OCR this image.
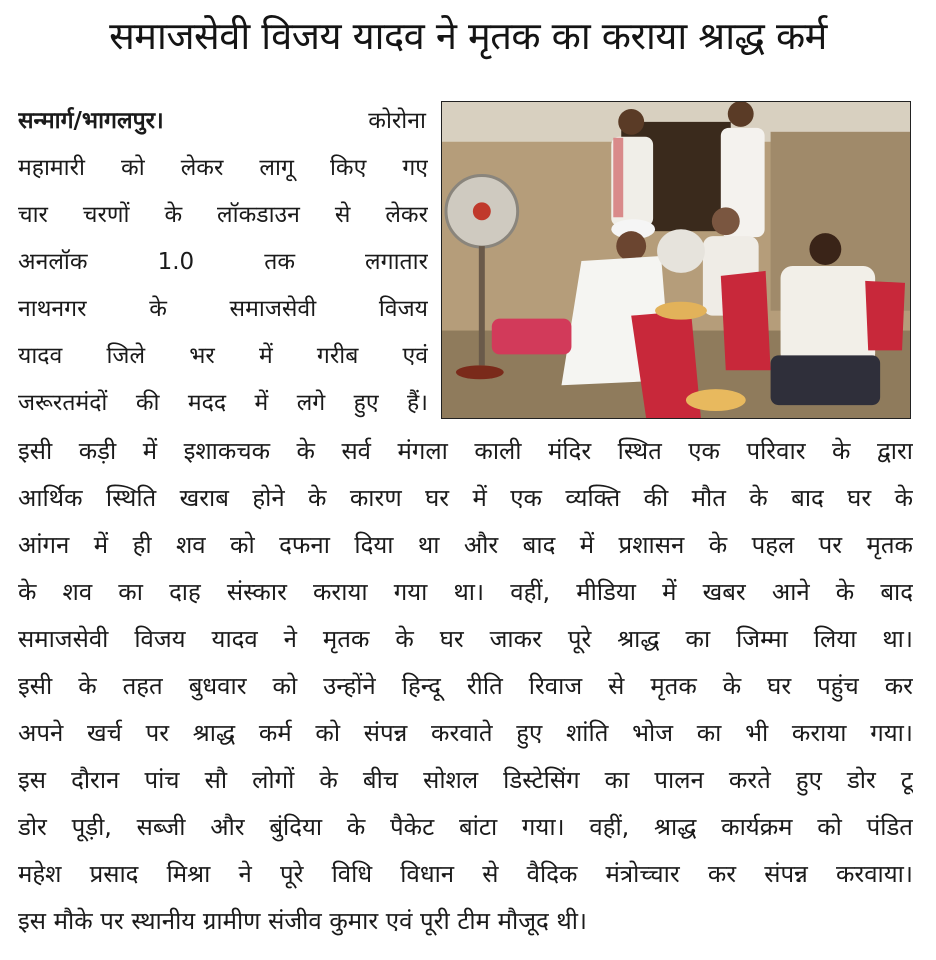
समाजसेवी विजय यादव ने मृतक का कराया श्राद्ध कर्म
सन्मार्ग/भागलपुर।	कोरोना
महामारी को लेकर लागू किए गए
चार चरणों के लॉकडाउन से लेकर
अनलॉक 1.0 तक लगातार
नाथनगर के समाजसेवी विजय
यादव जिले भर में गरीब एवं
जरूरतमंदों की मदद में लगे हुए हैं।
इसी कड़ी में इशाकचक के सर्व मंगला काली मंदिर स्थित एक परिवार के द्वारा
आर्थिक स्थिति खराब होने के कारण घर में एक व्यक्ति की मौत के बाद घर के
आंगन में ही शव को दफना दिया था और बाद में प्रशासन के पहल पर मृतक
के शव का दाह संस्कार कराया गया था। वहीं, मीडिया में खबर आने के बाद
समाजसेवी विजय यादव ने मृतक के घर जाकर पूरे श्राद्ध का जिम्मा लिया था।
इसी के तहत बुधवार को उन्होंने हिन्दू रीति रिवाज से मृतक के घर पहुंच कर
अपने खर्च पर श्राद्ध कर्म को संपन्न करवाते हुए शांति भोज का भी कराया गया।
इस दौरान पांच सौ लोगों के बीच सोशल डिस्टेसिंग का पालन करते हुए डोर टू
डोर पूड़ी, सब्जी और बुंदिया के पैकेट बांटा गया। वहीं, श्राद्ध कार्यक्रम को पंडित
महेश प्रसाद मिश्रा ने पूरे विधि विधान से वैदिक मंत्रोच्चार कर संपन्न करवाया।
इस मौके पर स्थानीय ग्रामीण संजीव कुमार एवं पूरी टीम मौजूद थी।
